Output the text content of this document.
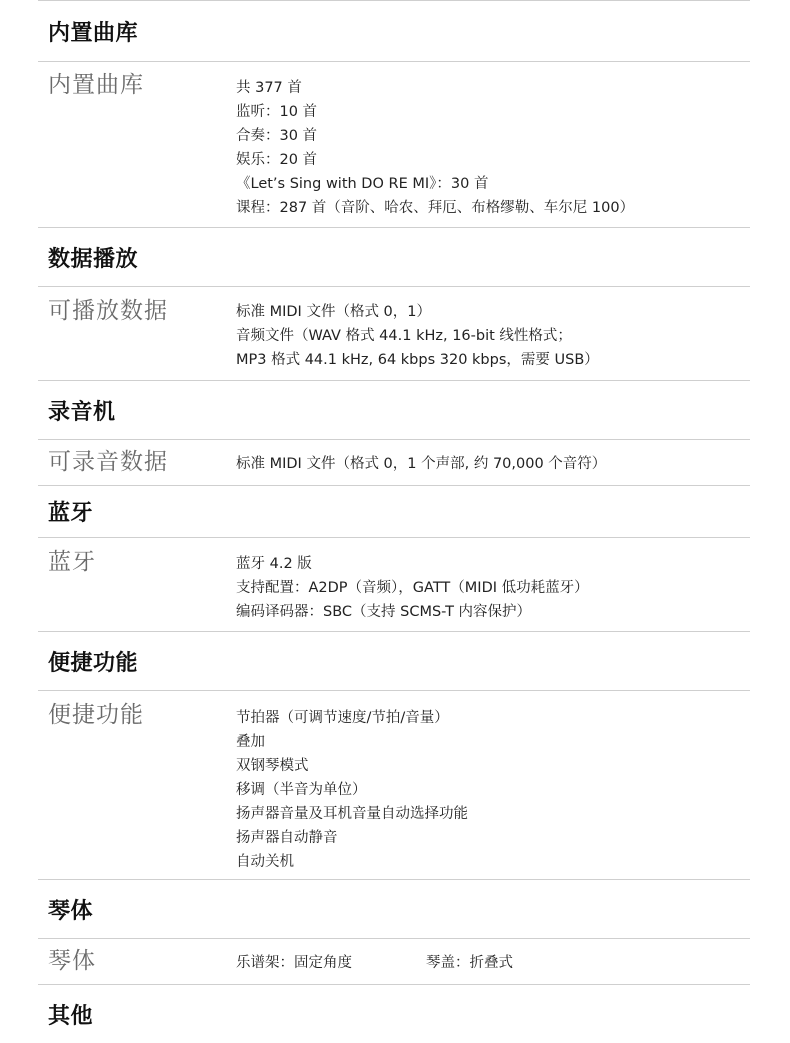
内置曲库
内置曲库	共 377 首
监听：10 首
合奏：30 首
娱乐：20 首
《Let’s Sing with DO RE MI》：30 首
课程：287 首（音阶、哈农、拜厄、布格缪勒、车尔尼 100）
数据播放
可播放数据	标准 MIDI 文件（格式 0，1）
音频文件（WAV 格式 44.1 kHz, 16-bit 线性格式；
MP3 格式 44.1 kHz, 64 kbps 320 kbps，需要 USB）
录音机
可录音数据	标准 MIDI 文件（格式 0，1 个声部, 约 70,000 个音符）
蓝牙
蓝牙	蓝牙 4.2 版
支持配置：A2DP（音频），GATT（MIDI 低功耗蓝牙）
编码译码器：SBC（支持 SCMS-T 内容保护）
便捷功能
便捷功能	节拍器（可调节速度/节拍/音量）
叠加
双钢琴模式
移调（半音为单位）
扬声器音量及耳机音量自动选择功能
扬声器自动静音
自动关机
琴体
琴体	乐谱架：固定角度	琴盖：折叠式
其他
